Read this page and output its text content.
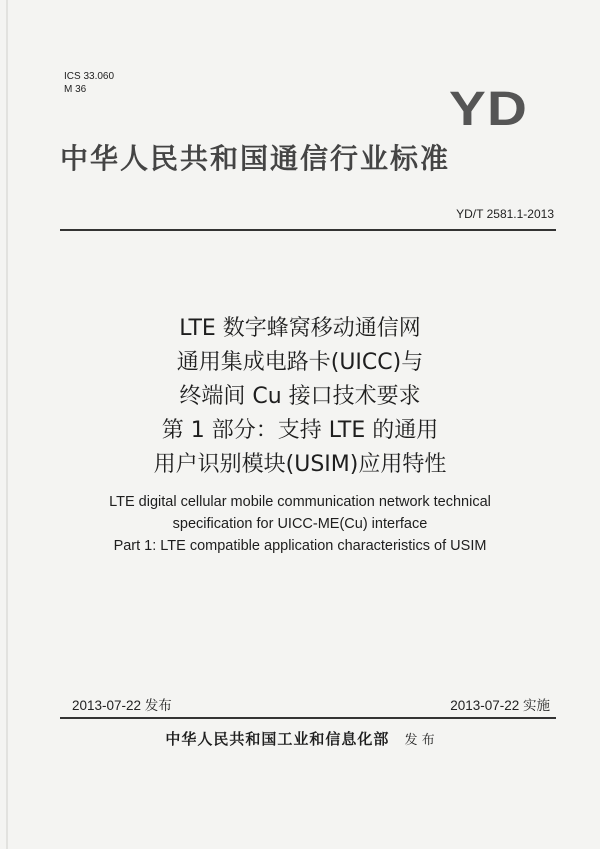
ICS 33.060
M 36	YD
中华人民共和国通信行业标准
YD/T 2581.1-2013
LTE 数字蜂窝移动通信网
通用集成电路卡(UICC)与
终端间 Cu 接口技术要求
第 1 部分：支持 LTE 的通用
用户识别模块(USIM)应用特性
LTE digital cellular mobile communication network technical
specification for UICC-ME(Cu) interface
Part 1: LTE compatible application characteristics of USIM
2013-07-22 发布	2013-07-22 实施
中华人民共和国工业和信息化部 发 布
